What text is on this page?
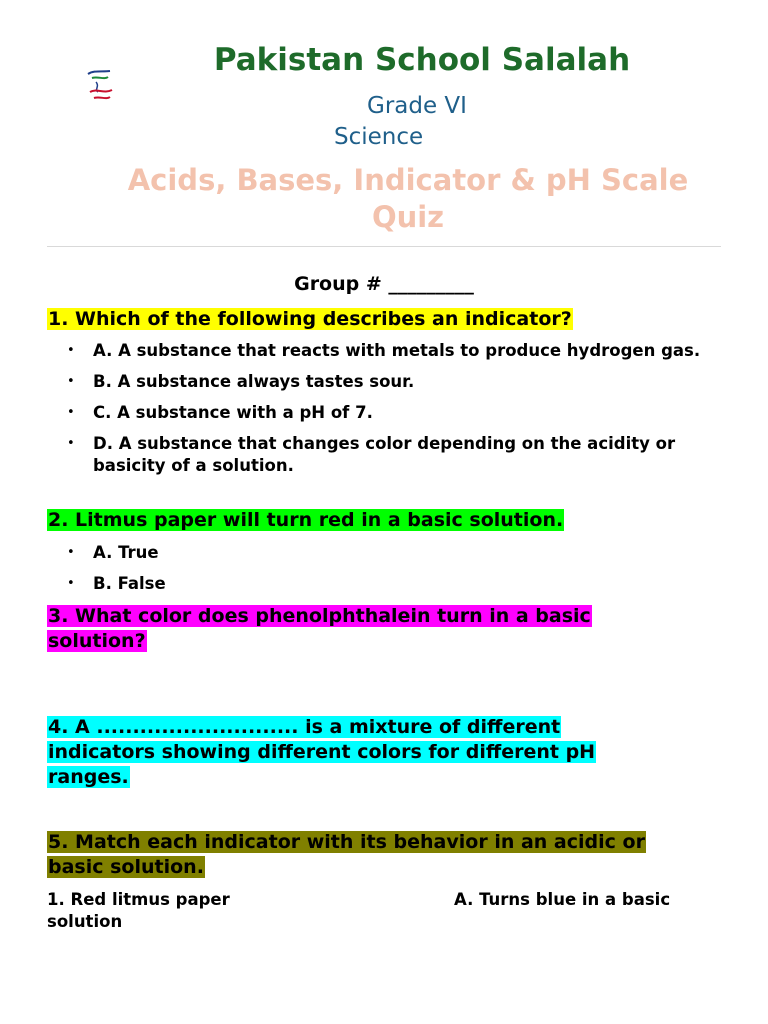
Pakistan School Salalah
Grade VI
Science
Acids, Bases, Indicator & pH Scale
Quiz
Group # _________
1. Which of the following describes an indicator?
• A. A substance that reacts with metals to produce hydrogen gas.
• B. A substance always tastes sour.
• C. A substance with a pH of 7.
• D. A substance that changes color depending on the acidity or basicity of a solution.
2. Litmus paper will turn red in a basic solution.
• A. True
• B. False
3. What color does phenolphthalein turn in a basic solution?
4. A ............................ is a mixture of different indicators showing different colors for different pH ranges.
5. Match each indicator with its behavior in an acidic or basic solution.
1. Red litmus paper
solution
A. Turns blue in a basic
